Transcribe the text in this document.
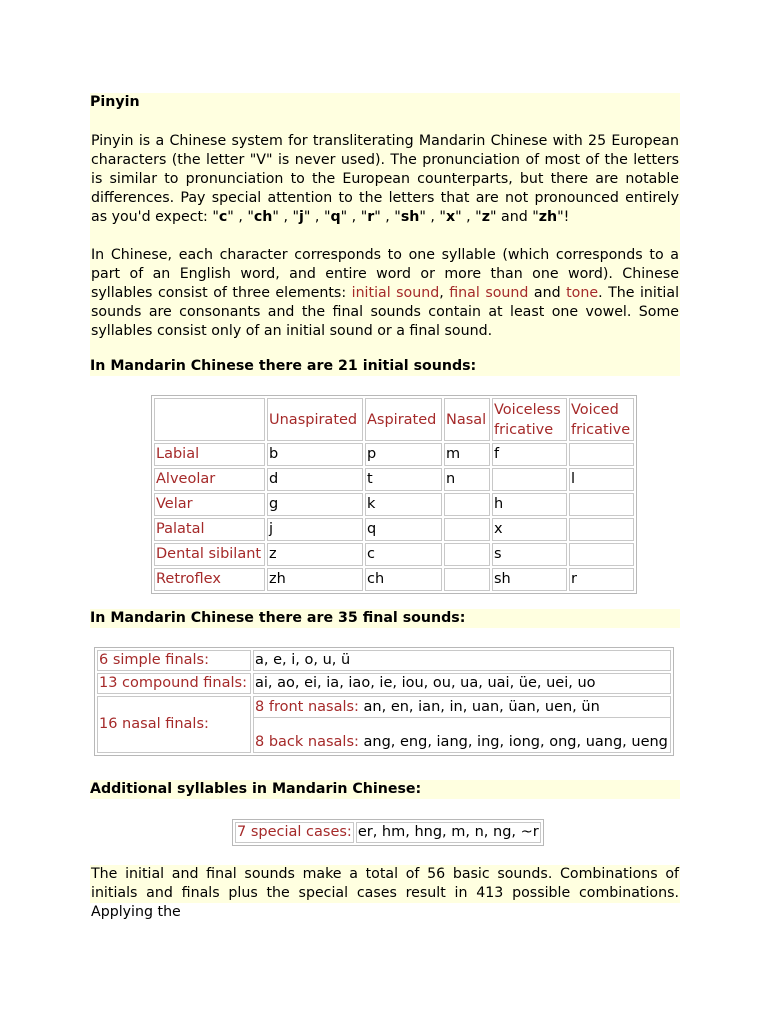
Pinyin
Pinyin is a Chinese system for transliterating Mandarin Chinese with 25 European characters (the letter "V" is never used). The pronunciation of most of the letters is similar to pronunciation to the European counterparts, but there are notable differences. Pay special attention to the letters that are not pronounced entirely as you'd expect: "c" , "ch" , "j" , "q" , "r" , "sh" , "x" , "z" and "zh"!
In Chinese, each character corresponds to one syllable (which corresponds to a part of an English word, and entire word or more than one word). Chinese syllables consist of three elements: initial sound, final sound and tone. The initial sounds are consonants and the final sounds contain at least one vowel. Some syllables consist only of an initial sound or a final sound.
In Mandarin Chinese there are 21 initial sounds:
	Unaspirated	Aspirated	Nasal	Voiceless fricative	Voiced fricative
Labial	b	p	m	f	
Alveolar	d	t	n		l
Velar	g	k		h	
Palatal	j	q		x	
Dental sibilant	z	c		s	
Retroflex	zh	ch		sh	r
In Mandarin Chinese there are 35 final sounds:
6 simple finals:	a, e, i, o, u, ü
13 compound finals:	ai, ao, ei, ia, iao, ie, iou, ou, ua, uai, üe, uei, uo
16 nasal finals:	8 front nasals: an, en, ian, in, uan, üan, uen, ün
8 back nasals: ang, eng, iang, ing, iong, ong, uang, ueng
Additional syllables in Mandarin Chinese:
7 special cases:	er, hm, hng, m, n, ng, ~r
The initial and final sounds make a total of 56 basic sounds. Combinations of initials and finals plus the special cases result in 413 possible combinations. Applying the
